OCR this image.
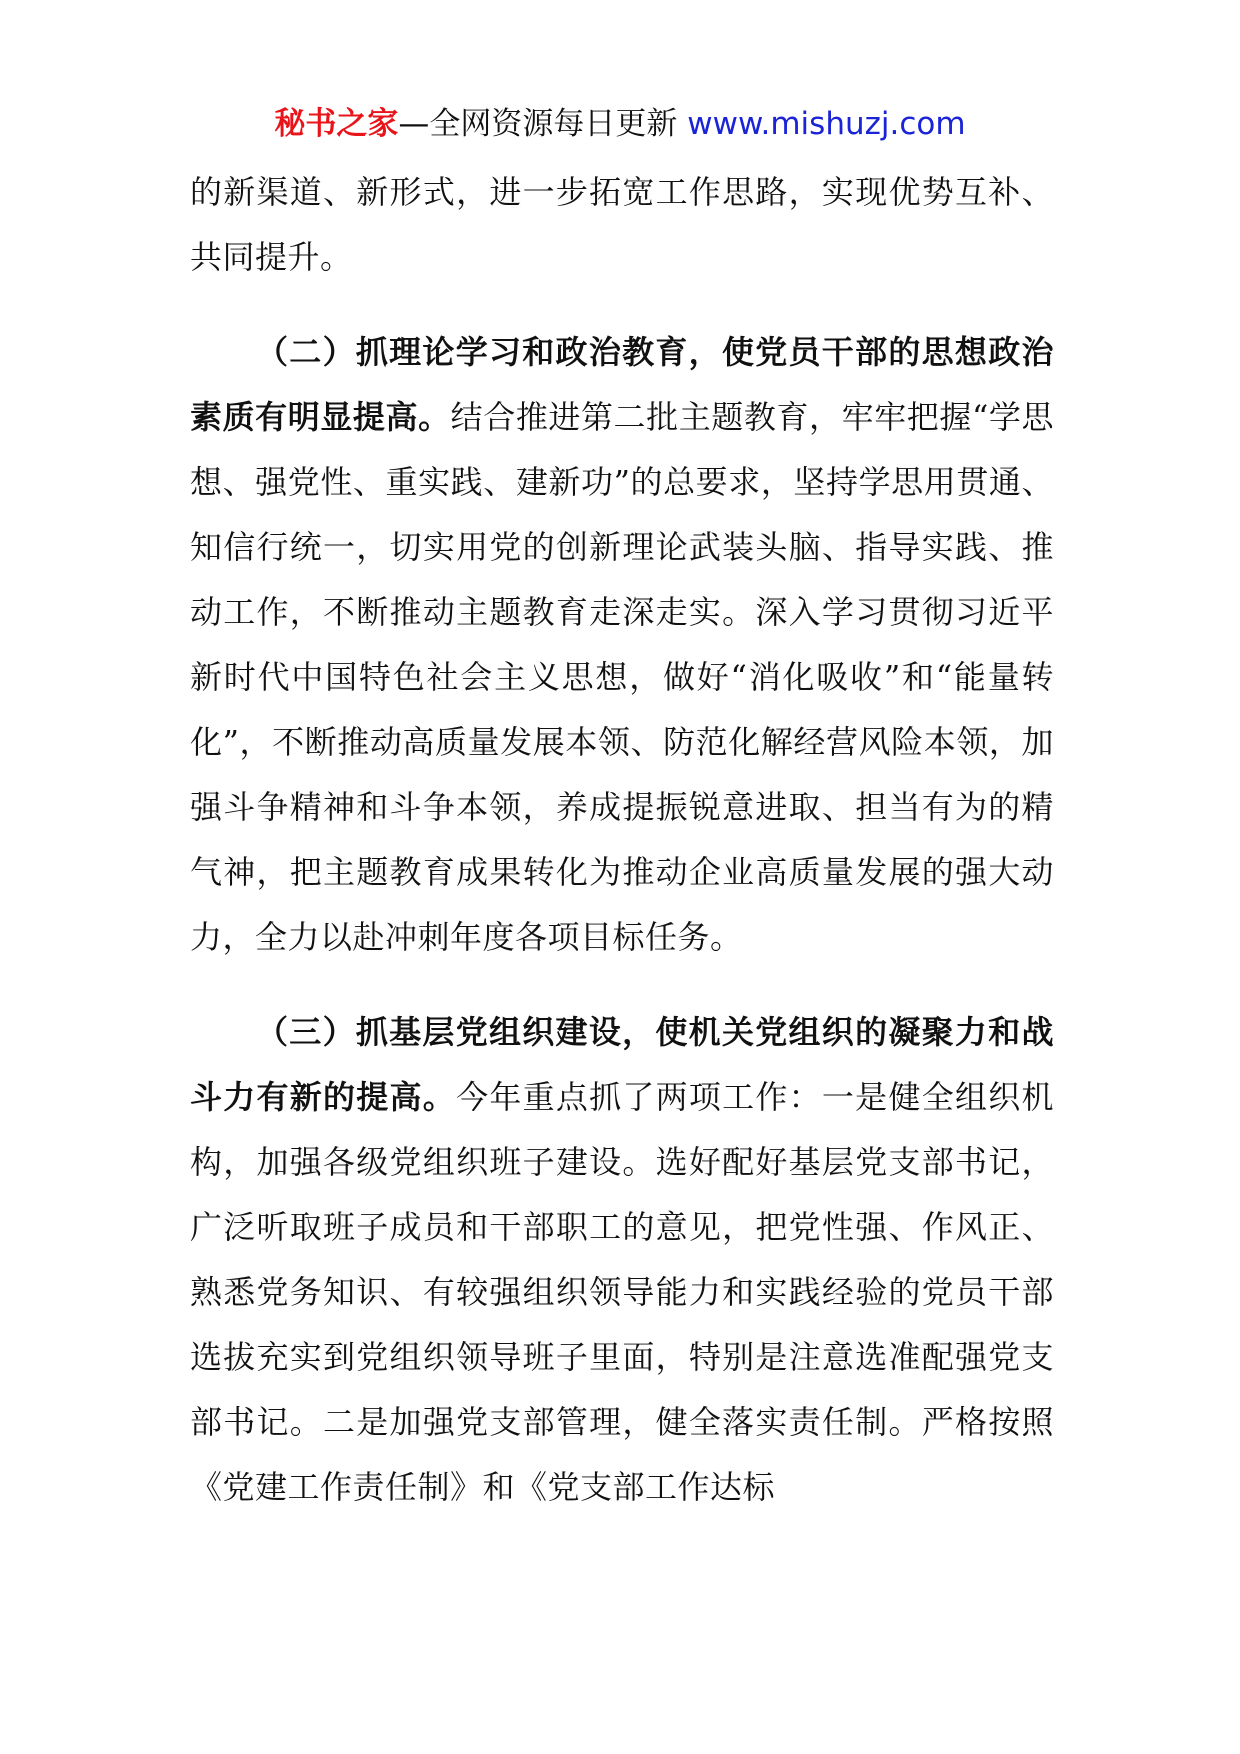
秘书之家—全网资源每日更新 www.mishuzj.com

的新渠道、新形式，进一步拓宽工作思路，实现优势互补、共同提升。

（二）抓理论学习和政治教育，使党员干部的思想政治素质有明显提高。结合推进第二批主题教育，牢牢把握“学思想、强党性、重实践、建新功”的总要求，坚持学思用贯通、知信行统一，切实用党的创新理论武装头脑、指导实践、推动工作，不断推动主题教育走深走实。深入学习贯彻习近平新时代中国特色社会主义思想，做好“消化吸收”和“能量转化”，不断推动高质量发展本领、防范化解经营风险本领，加强斗争精神和斗争本领，养成提振锐意进取、担当有为的精气神，把主题教育成果转化为推动企业高质量发展的强大动力，全力以赴冲刺年度各项目标任务。

（三）抓基层党组织建设，使机关党组织的凝聚力和战斗力有新的提高。今年重点抓了两项工作：一是健全组织机构，加强各级党组织班子建设。选好配好基层党支部书记，广泛听取班子成员和干部职工的意见，把党性强、作风正、熟悉党务知识、有较强组织领导能力和实践经验的党员干部选拔充实到党组织领导班子里面，特别是注意选准配强党支部书记。二是加强党支部管理，健全落实责任制。严格按照《党建工作责任制》和《党支部工作达标
